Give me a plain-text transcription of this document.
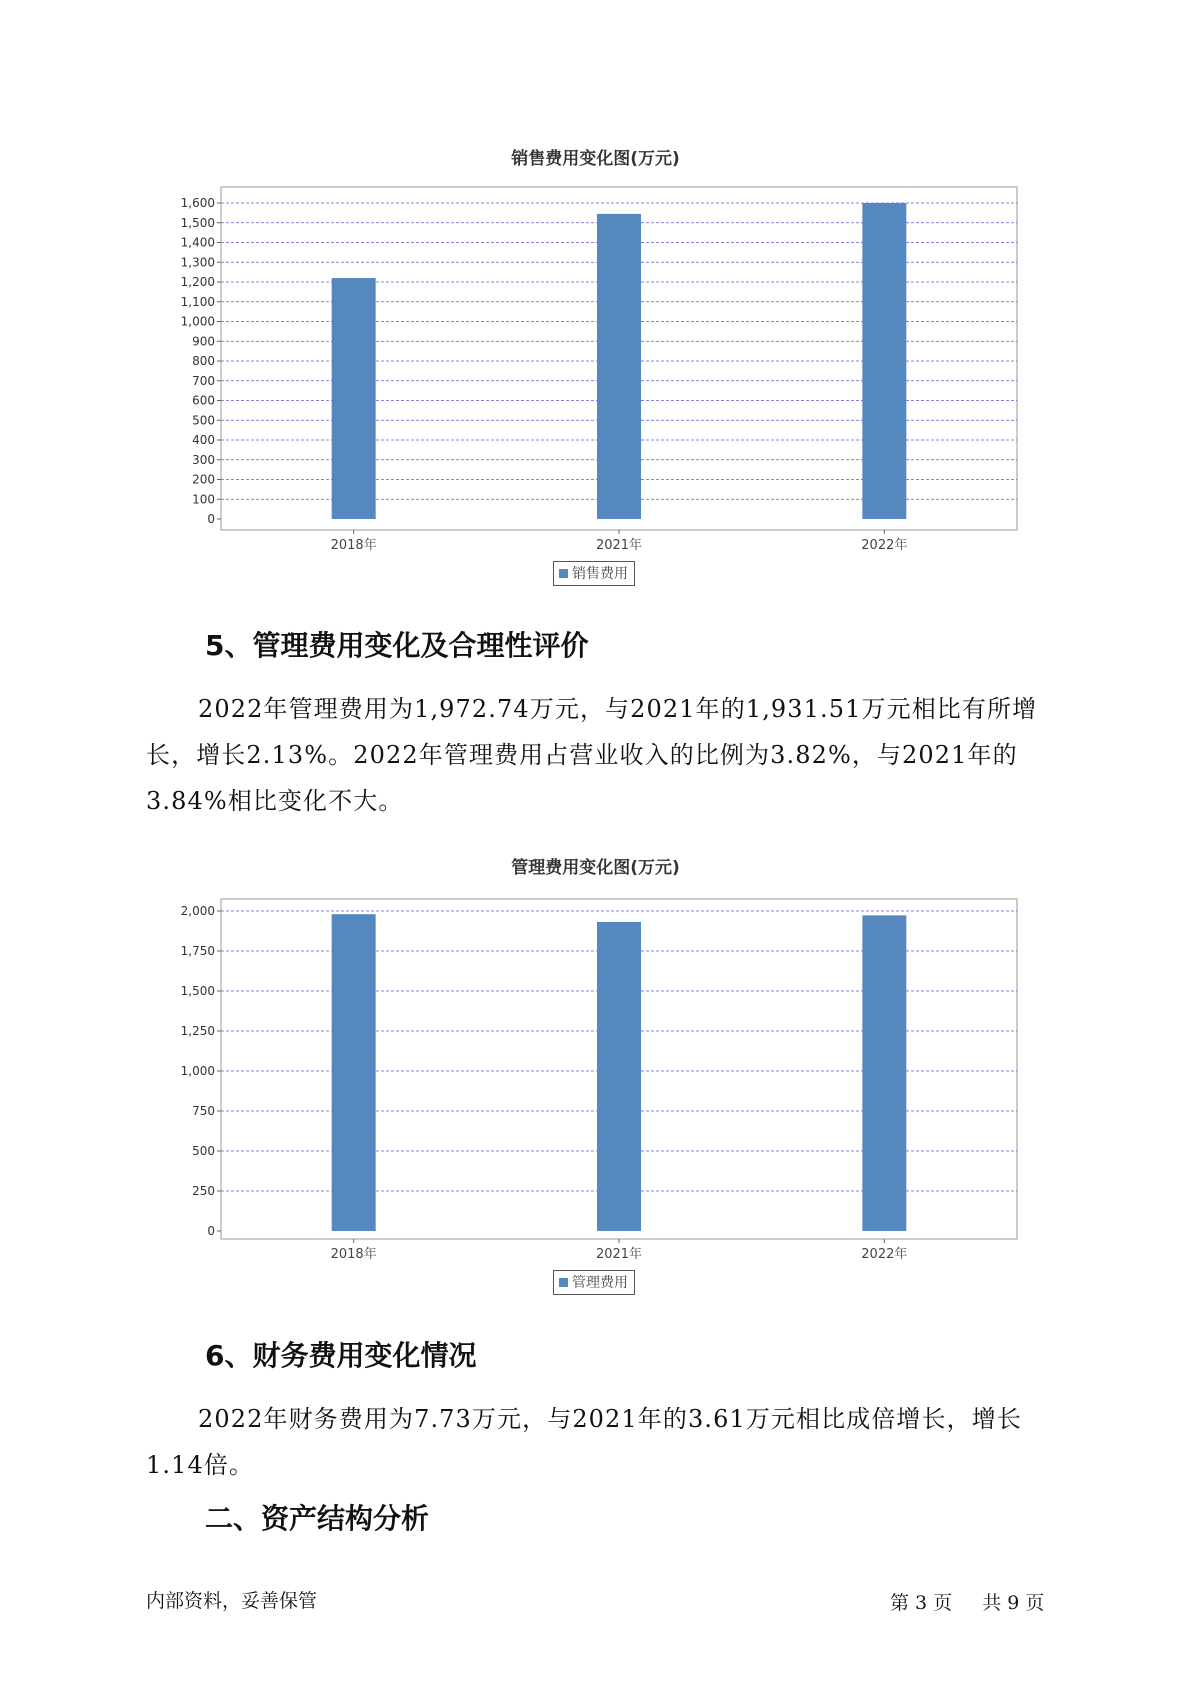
销售费用变化图(万元)
0
100
200
300
400
500
600
700
800
900
1,000
1,100
1,200
1,300
1,400
1,500
1,600
2018年	2021年	2022年
销售费用
5、管理费用变化及合理性评价
2022年管理费用为1,972.74万元，与2021年的1,931.51万元相比有所增长，增长2.13%。2022年管理费用占营业收入的比例为3.82%，与2021年的3.84%相比变化不大。
管理费用变化图(万元)
0
250
500
750
1,000
1,250
1,500
1,750
2,000
2018年	2021年	2022年
管理费用
6、财务费用变化情况
2022年财务费用为7.73万元，与2021年的3.61万元相比成倍增长，增长1.14倍。
二、资产结构分析
内部资料，妥善保管	第 3 页 共 9 页
